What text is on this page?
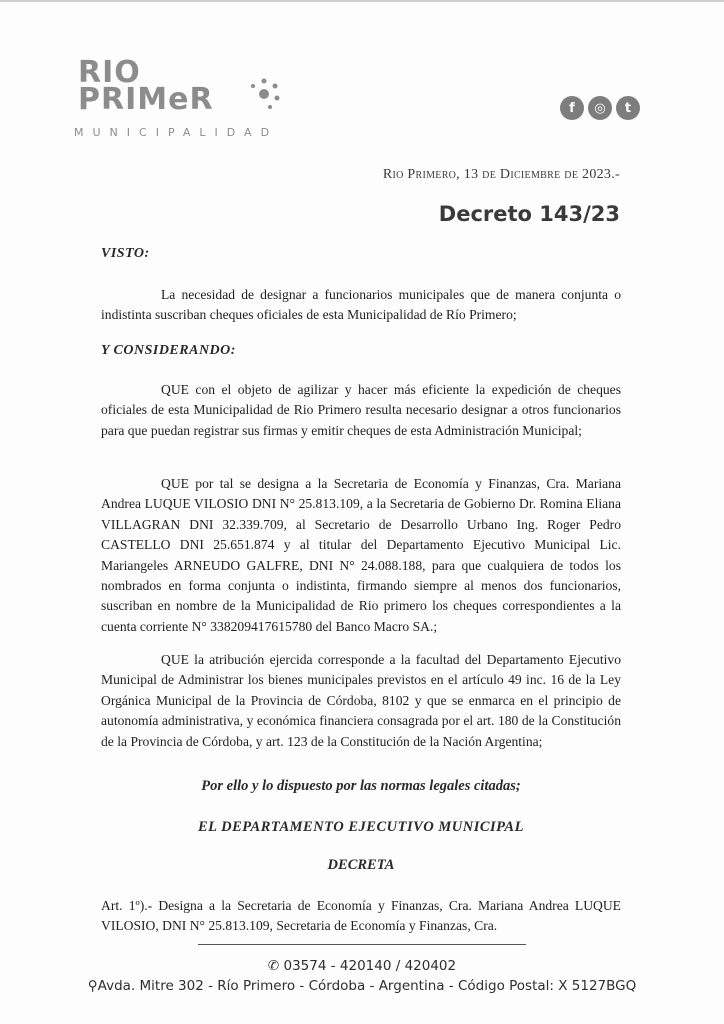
RIO
PRIMeR
MUNICIPALIDAD
f	◎	t
Rio Primero, 13 de Diciembre de 2023.-
Decreto 143/23
VISTO:

La necesidad de designar a funcionarios municipales que de manera conjunta o indistinta suscriban cheques oficiales de esta Municipalidad de Río Primero;

Y CONSIDERANDO:

QUE con el objeto de agilizar y hacer más eficiente la expedición de cheques oficiales de esta Municipalidad de Rio Primero resulta necesario designar a otros funcionarios para que puedan registrar sus firmas y emitir cheques de esta Administración Municipal;

QUE por tal se designa a la Secretaria de Economía y Finanzas, Cra. Mariana Andrea LUQUE VILOSIO DNI N° 25.813.109, a la Secretaria de Gobierno Dr. Romina Eliana VILLAGRAN DNI 32.339.709, al Secretario de Desarrollo Urbano Ing. Roger Pedro CASTELLO DNI 25.651.874 y al titular del Departamento Ejecutivo Municipal Lic. Mariangeles ARNEUDO GALFRE, DNI N° 24.088.188, para que cualquiera de todos los nombrados en forma conjunta o indistinta, firmando siempre al menos dos funcionarios, suscriban en nombre de la Municipalidad de Rio primero los cheques correspondientes a la cuenta corriente N° 338209417615780 del Banco Macro SA.;

QUE la atribución ejercida corresponde a la facultad del Departamento Ejecutivo Municipal de Administrar los bienes municipales previstos en el artículo 49 inc. 16 de la Ley Orgánica Municipal de la Provincia de Córdoba, 8102 y que se enmarca en el principio de autonomía administrativa, y económica financiera consagrada por el art. 180 de la Constitución de la Provincia de Córdoba, y art. 123 de la Constitución de la Nación Argentina;

Por ello y lo dispuesto por las normas legales citadas;
EL DEPARTAMENTO EJECUTIVO MUNICIPAL
DECRETA

Art. 1º).- Designa a la Secretaria de Economía y Finanzas, Cra. Mariana Andrea LUQUE VILOSIO, DNI N° 25.813.109, Secretaria de Economía y Finanzas, Cra.

✆ 03574 - 420140 / 420402
⚲Avda. Mitre 302 - Río Primero - Córdoba - Argentina - Código Postal: X 5127BGQ
